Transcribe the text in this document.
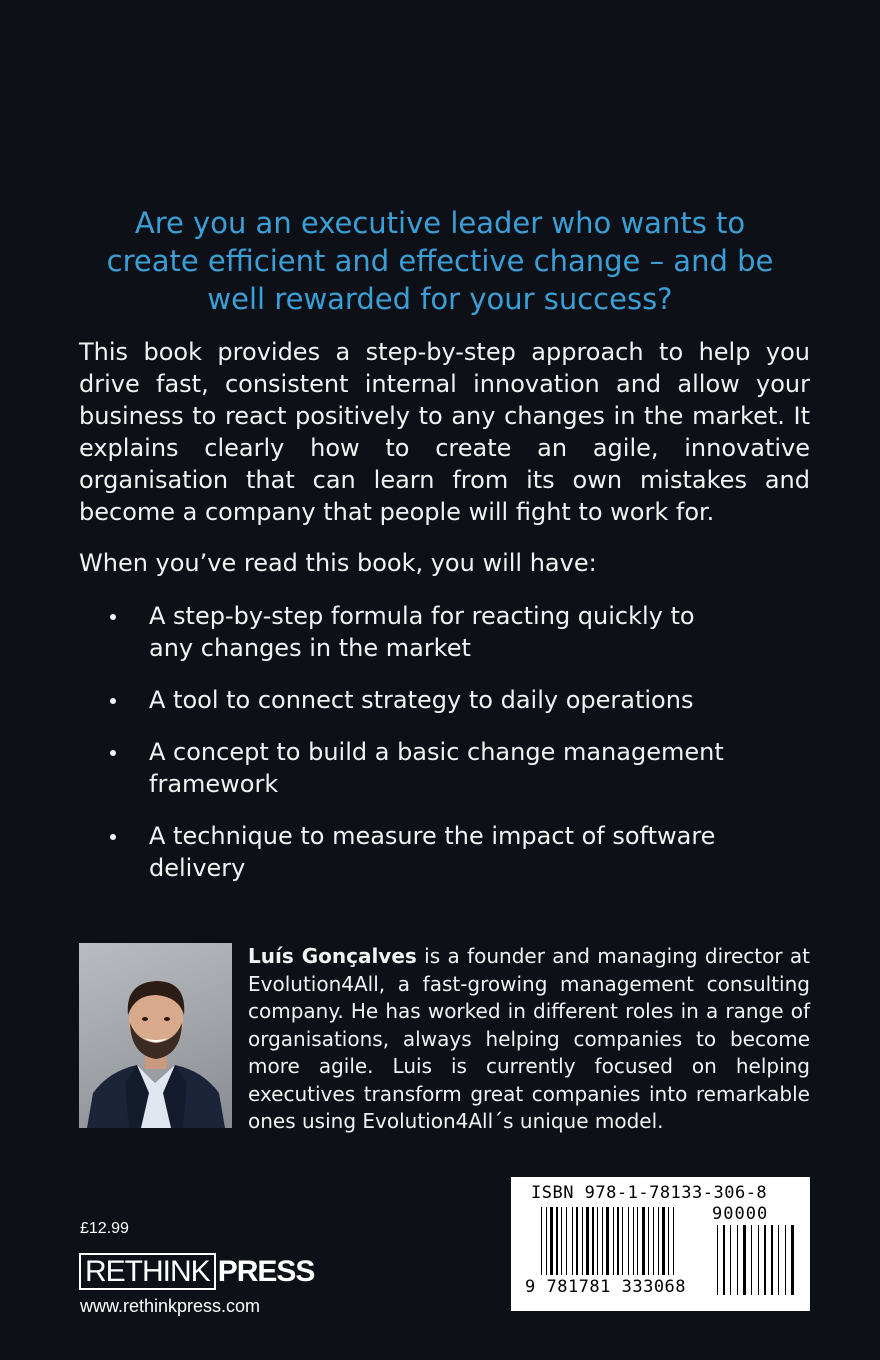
Are you an executive leader who wants to create efficient and effective change – and be well rewarded for your success?
This book provides a step-by-step approach to help you drive fast, consistent internal innovation and allow your business to react positively to any changes in the market. It explains clearly how to create an agile, innovative organisation that can learn from its own mistakes and become a company that people will fight to work for.
When you’ve read this book, you will have:
A step-by-step formula for reacting quickly to any changes in the market
A tool to connect strategy to daily operations
A concept to build a basic change management framework
A technique to measure the impact of software delivery
Luís Gonçalves is a founder and managing director at Evolution4All, a fast-growing management consulting company. He has worked in different roles in a range of organisations, always helping companies to become more agile. Luis is currently focused on helping executives transform great companies into remarkable ones using Evolution4All´s unique model.
£12.99
RETHINK PRESS
www.rethinkpress.com
ISBN 978-1-78133-306-8
90000
9 781781 333068
